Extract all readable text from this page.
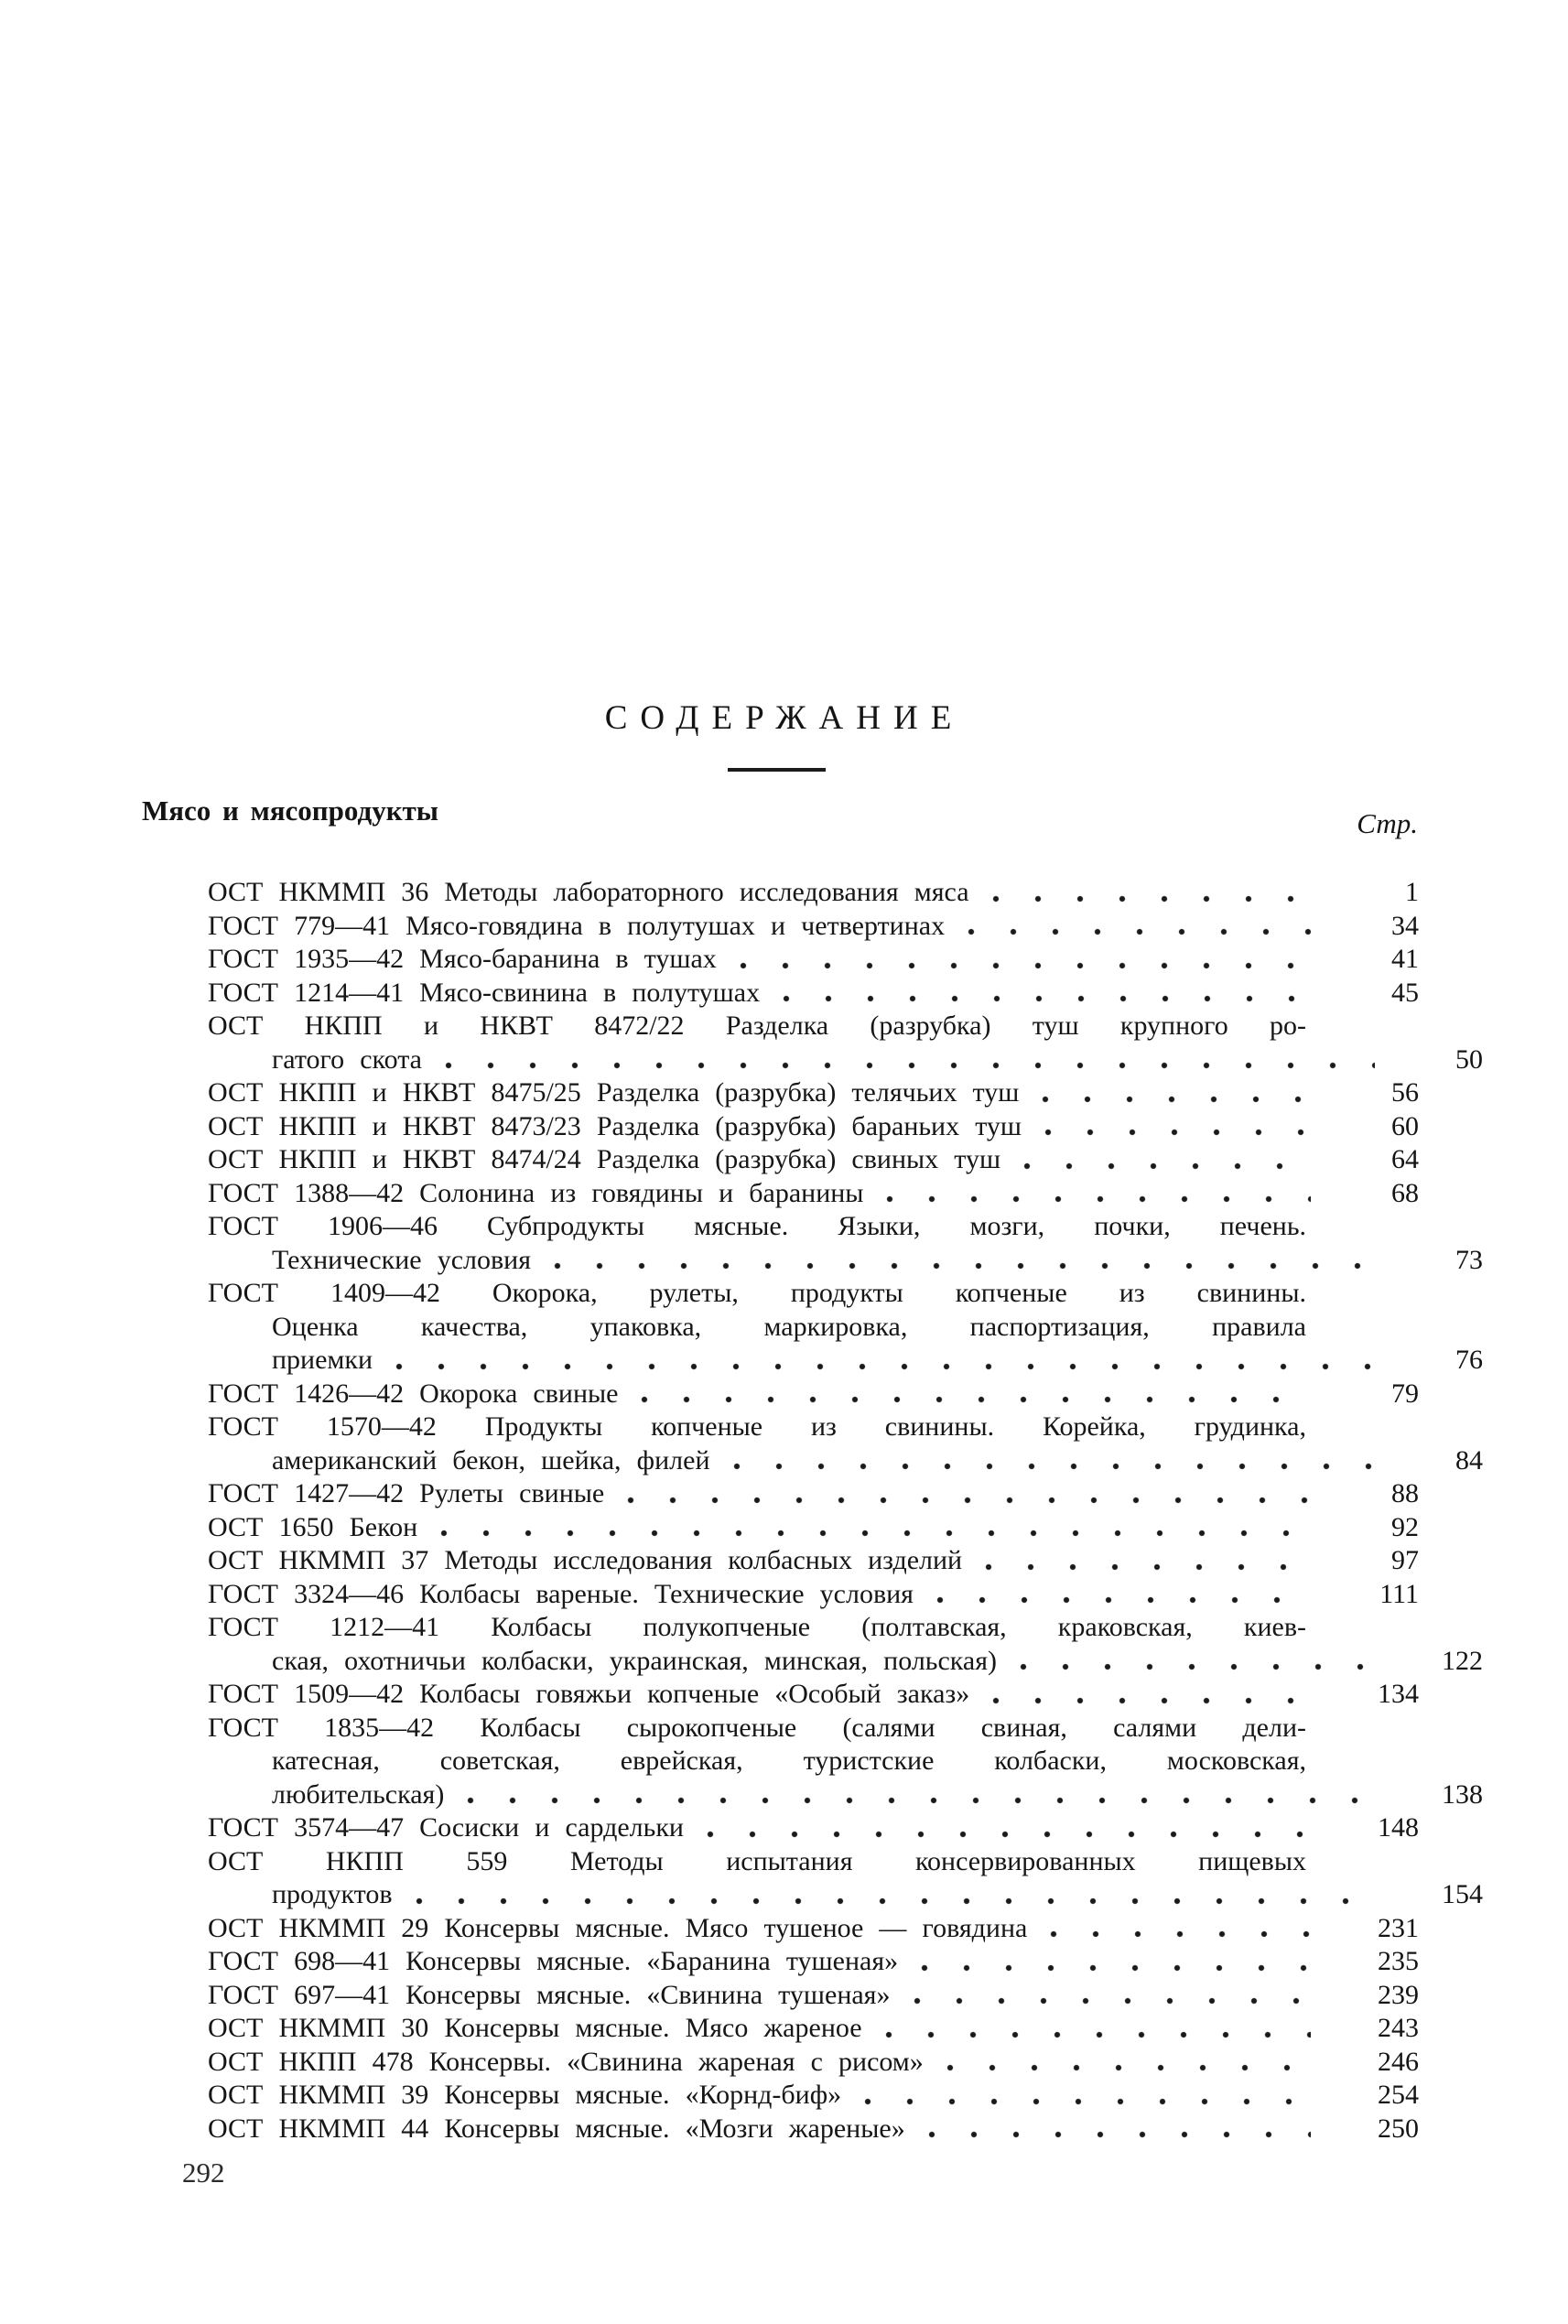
СОДЕРЖАНИЕ
Мясо и мясопродукты	Стр.
ОСТ НКММП 36 Методы лабораторного исследования мяса	1
ГОСТ 779—41 Мясо-говядина в полутушах и четвертинах	34
ГОСТ 1935—42 Мясо-баранина в тушах	41
ГОСТ 1214—41 Мясо-свинина в полутушах	45
ОСТ НКПП и НКВТ 8472/22 Разделка (разрубка) туш крупного ро-
гатого скота	50
ОСТ НКПП и НКВТ 8475/25 Разделка (разрубка) телячьих туш	56
ОСТ НКПП и НКВТ 8473/23 Разделка (разрубка) бараньих туш	60
ОСТ НКПП и НКВТ 8474/24 Разделка (разрубка) свиных туш	64
ГОСТ 1388—42 Солонина из говядины и баранины	68
ГОСТ 1906—46 Субпродукты мясные. Языки, мозги, почки, печень.
Технические условия	73
ГОСТ 1409—42 Окорока, рулеты, продукты копченые из свинины.
Оценка качества, упаковка, маркировка, паспортизация, правила
приемки	76
ГОСТ 1426—42 Окорока свиные	79
ГОСТ 1570—42 Продукты копченые из свинины. Корейка, грудинка,
американский бекон, шейка, филей	84
ГОСТ 1427—42 Рулеты свиные	88
ОСТ 1650 Бекон	92
ОСТ НКММП 37 Методы исследования колбасных изделий	97
ГОСТ 3324—46 Колбасы вареные. Технические условия	111
ГОСТ 1212—41 Колбасы полукопченые (полтавская, краковская, киев-
ская, охотничьи колбаски, украинская, минская, польская)	122
ГОСТ 1509—42 Колбасы говяжьи копченые «Особый заказ»	134
ГОСТ 1835—42 Колбасы сырокопченые (салями свиная, салями дели-
катесная, советская, еврейская, туристские колбаски, московская,
любительская)	138
ГОСТ 3574—47 Сосиски и сардельки	148
ОСТ НКПП 559 Методы испытания консервированных пищевых
продуктов	154
ОСТ НКММП 29 Консервы мясные. Мясо тушеное — говядина	231
ГОСТ 698—41 Консервы мясные. «Баранина тушеная»	235
ГОСТ 697—41 Консервы мясные. «Свинина тушеная»	239
ОСТ НКММП 30 Консервы мясные. Мясо жареное	243
ОСТ НКПП 478 Консервы. «Свинина жареная с рисом»	246
ОСТ НКММП 39 Консервы мясные. «Корнд-биф»	254
ОСТ НКММП 44 Консервы мясные. «Мозги жареные»	250
292
